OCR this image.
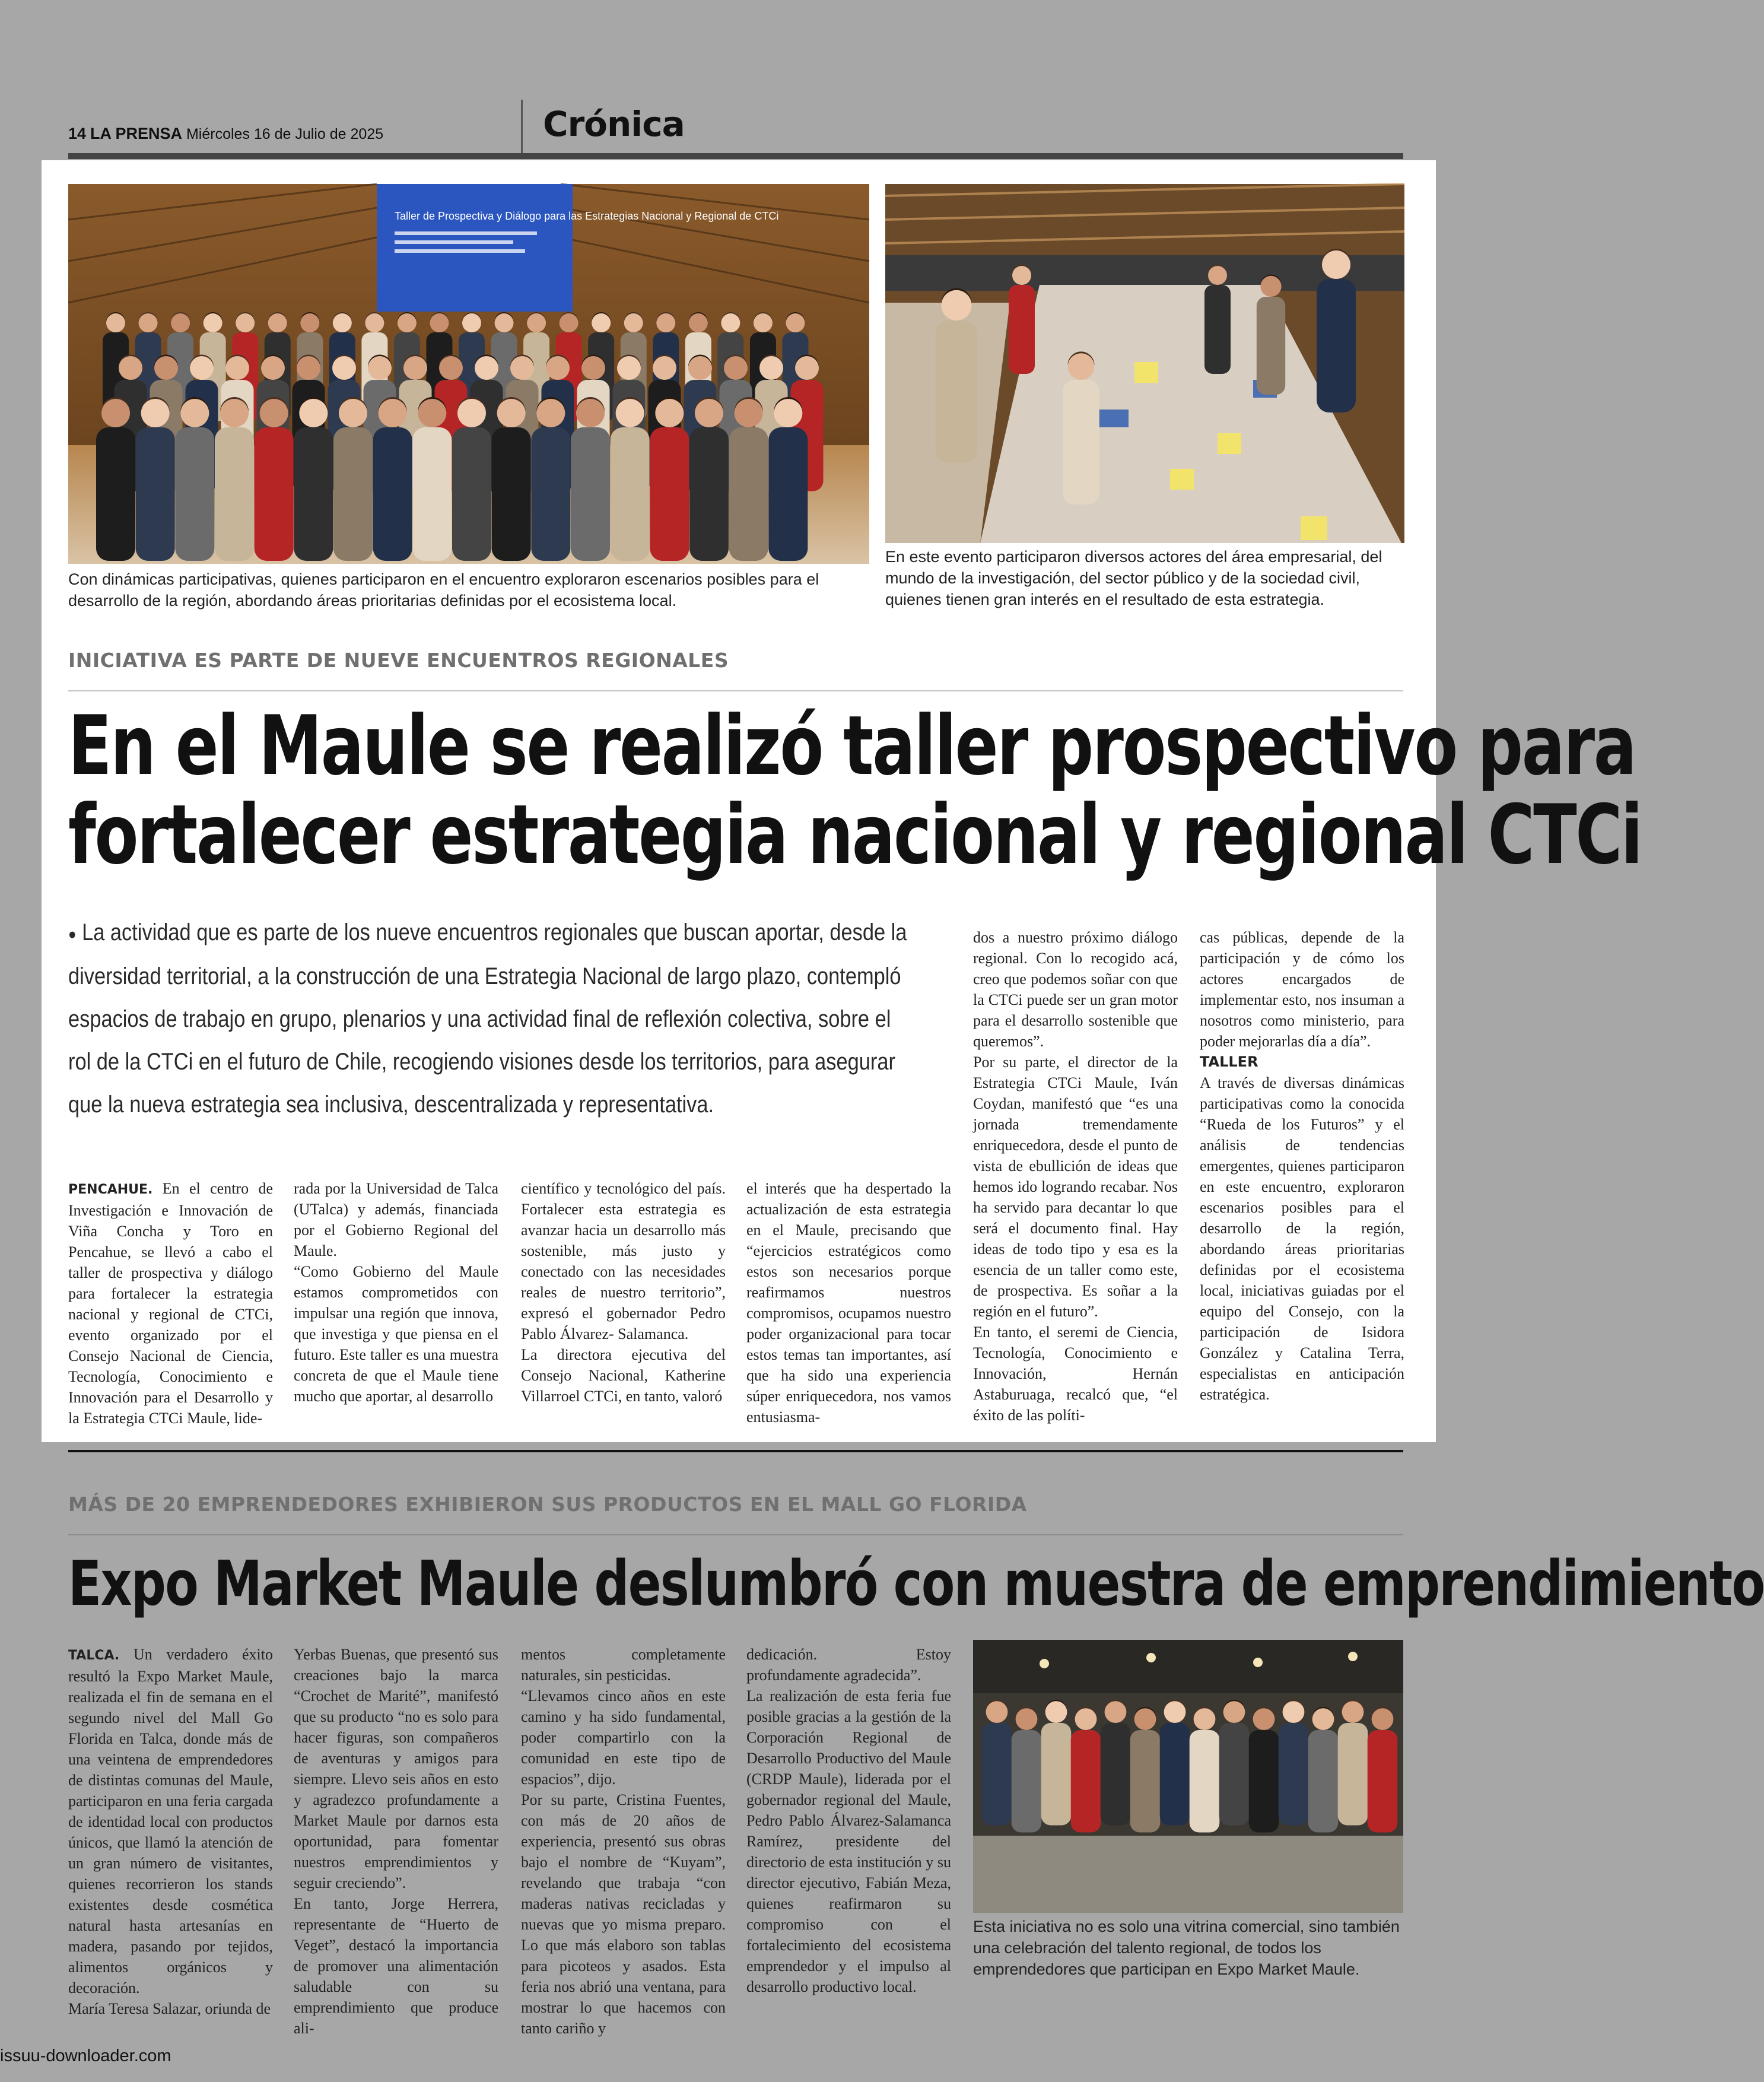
14 LA PRENSA Miércoles 16 de Julio de 2025	Crónica
Taller de Prospectiva y Diálogo para las Estrategias Nacional y Regional de CTCi
Con dinámicas participativas, quienes participaron en el encuentro exploraron escenarios posibles para el desarrollo de la región, abordando áreas prioritarias definidas por el ecosistema local.
En este evento participaron diversos actores del área empresarial, del mundo de la investigación, del sector público y de la sociedad civil, quienes tienen gran interés en el resultado de esta estrategia.
INICIATIVA ES PARTE DE NUEVE ENCUENTROS REGIONALES
En el Maule se realizó taller prospectivo para
fortalecer estrategia nacional y regional CTCi
● La actividad que es parte de los nueve encuentros regionales que buscan aportar, desde la
diversidad territorial, a la construcción de una Estrategia Nacional de largo plazo, contempló
espacios de trabajo en grupo, plenarios y una actividad final de reflexión colectiva, sobre el
rol de la CTCi en el futuro de Chile, recogiendo visiones desde los territorios, para asegurar
que la nueva estrategia sea inclusiva, descentralizada y representativa.

PENCAHUE. En el centro de Investigación e Innovación de Viña Concha y Toro en Pencahue, se llevó a cabo el taller de prospectiva y diálogo para fortalecer la estrategia nacional y regional de CTCi, evento organizado por el Consejo Nacional de Ciencia, Tecnología, Conocimiento e Innovación para el Desarrollo y la Estrategia CTCi Maule, lide-

rada por la Universidad de Talca (UTalca) y además, financiada por el Gobierno Regional del Maule.

“Como Gobierno del Maule estamos comprometidos con impulsar una región que innova, que investiga y que piensa en el futuro. Este taller es una muestra concreta de que el Maule tiene mucho que aportar, al desarrollo

científico y tecnológico del país. Fortalecer esta estrategia es avanzar hacia un desarrollo más sostenible, más justo y conectado con las necesidades reales de nuestro territorio”, expresó el gobernador Pedro Pablo Álvarez- Salamanca.

La directora ejecutiva del Consejo Nacional, Katherine Villarroel CTCi, en tanto, valoró

el interés que ha despertado la actualización de esta estrategia en el Maule, precisando que “ejercicios estratégicos como estos son necesarios porque reafirmamos nuestros compromisos, ocupamos nuestro poder organizacional para tocar estos temas tan importantes, así que ha sido una experiencia súper enriquecedora, nos vamos entusiasma-

dos a nuestro próximo diálogo regional. Con lo recogido acá, creo que podemos soñar con que la CTCi puede ser un gran motor para el desarrollo sostenible que queremos”.

Por su parte, el director de la Estrategia CTCi Maule, Iván Coydan, manifestó que “es una jornada tremendamente enriquecedora, desde el punto de vista de ebullición de ideas que hemos ido logrando recabar. Nos ha servido para decantar lo que será el documento final. Hay ideas de todo tipo y esa es la esencia de un taller como este, de prospectiva. Es soñar a la región en el futuro”.

En tanto, el seremi de Ciencia, Tecnología, Conocimiento e Innovación, Hernán Astaburuaga, recalcó que, “el éxito de las políti-

cas públicas, depende de la participación y de cómo los actores encargados de implementar esto, nos insuman a nosotros como ministerio, para poder mejorarlas día a día”.

TALLER

A través de diversas dinámicas participativas como la conocida “Rueda de los Futuros” y el análisis de tendencias emergentes, quienes participaron en este encuentro, exploraron escenarios posibles para el desarrollo de la región, abordando áreas prioritarias definidas por el ecosistema local, iniciativas guiadas por el equipo del Consejo, con la participación de Isidora González y Catalina Terra, especialistas en anticipación estratégica.

MÁS DE 20 EMPRENDEDORES EXHIBIERON SUS PRODUCTOS EN EL MALL GO FLORIDA
Expo Market Maule deslumbró con muestra de emprendimiento

TALCA. Un verdadero éxito resultó la Expo Market Maule, realizada el fin de semana en el segundo nivel del Mall Go Florida en Talca, donde más de una veintena de emprendedores de distintas comunas del Maule, participaron en una feria cargada de identidad local con productos únicos, que llamó la atención de un gran número de visitantes, quienes recorrieron los stands existentes desde cosmética natural hasta artesanías en madera, pasando por tejidos, alimentos orgánicos y decoración.

María Teresa Salazar, oriunda de

Yerbas Buenas, que presentó sus creaciones bajo la marca “Crochet de Marité”, manifestó que su producto “no es solo para hacer figuras, son compañeros de aventuras y amigos para siempre. Llevo seis años en esto y agradezco profundamente a Market Maule por darnos esta oportunidad, para fomentar nuestros emprendimientos y seguir creciendo”.

En tanto, Jorge Herrera, representante de “Huerto de Veget”, destacó la importancia de promover una alimentación saludable con su emprendimiento que produce ali-

mentos completamente naturales, sin pesticidas.

“Llevamos cinco años en este camino y ha sido fundamental, poder compartirlo con la comunidad en este tipo de espacios”, dijo.

Por su parte, Cristina Fuentes, con más de 20 años de experiencia, presentó sus obras bajo el nombre de “Kuyam”, revelando que trabaja “con maderas nativas recicladas y nuevas que yo misma preparo. Lo que más elaboro son tablas para picoteos y asados. Esta feria nos abrió una ventana, para mostrar lo que hacemos con tanto cariño y

dedicación. Estoy profundamente agradecida”.

La realización de esta feria fue posible gracias a la gestión de la Corporación Regional de Desarrollo Productivo del Maule (CRDP Maule), liderada por el gobernador regional del Maule, Pedro Pablo Álvarez-Salamanca Ramírez, presidente del directorio de esta institución y su director ejecutivo, Fabián Meza, quienes reafirmaron su compromiso con el fortalecimiento del ecosistema emprendedor y el impulso al desarrollo productivo local.

Esta iniciativa no es solo una vitrina comercial, sino también una celebración del talento regional, de todos los emprendedores que participan en Expo Market Maule.
issuu-downloader.com
